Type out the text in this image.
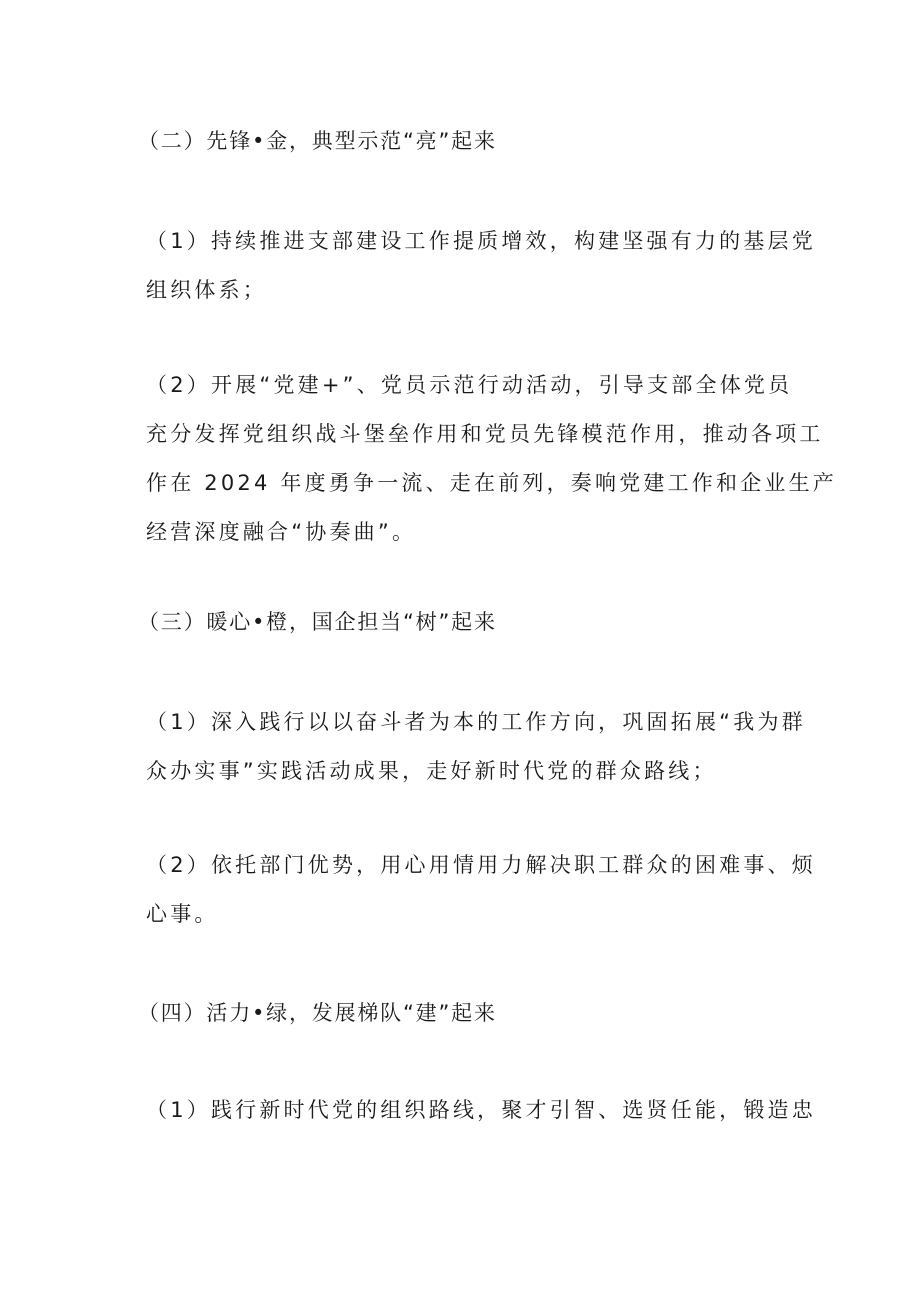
（二）先锋•金，典型示范“亮”起来
（1）持续推进支部建设工作提质增效，构建坚强有力的基层党
组织体系；
（2）开展“党建+”、党员示范行动活动，引导支部全体党员
充分发挥党组织战斗堡垒作用和党员先锋模范作用，推动各项工
作在 2024 年度勇争一流、走在前列，奏响党建工作和企业生产
经营深度融合“协奏曲”。
（三）暖心•橙，国企担当“树”起来
（1）深入践行以以奋斗者为本的工作方向，巩固拓展“我为群
众办实事”实践活动成果，走好新时代党的群众路线；
（2）依托部门优势，用心用情用力解决职工群众的困难事、烦
心事。
（四）活力•绿，发展梯队“建”起来
（1）践行新时代党的组织路线，聚才引智、选贤任能，锻造忠
